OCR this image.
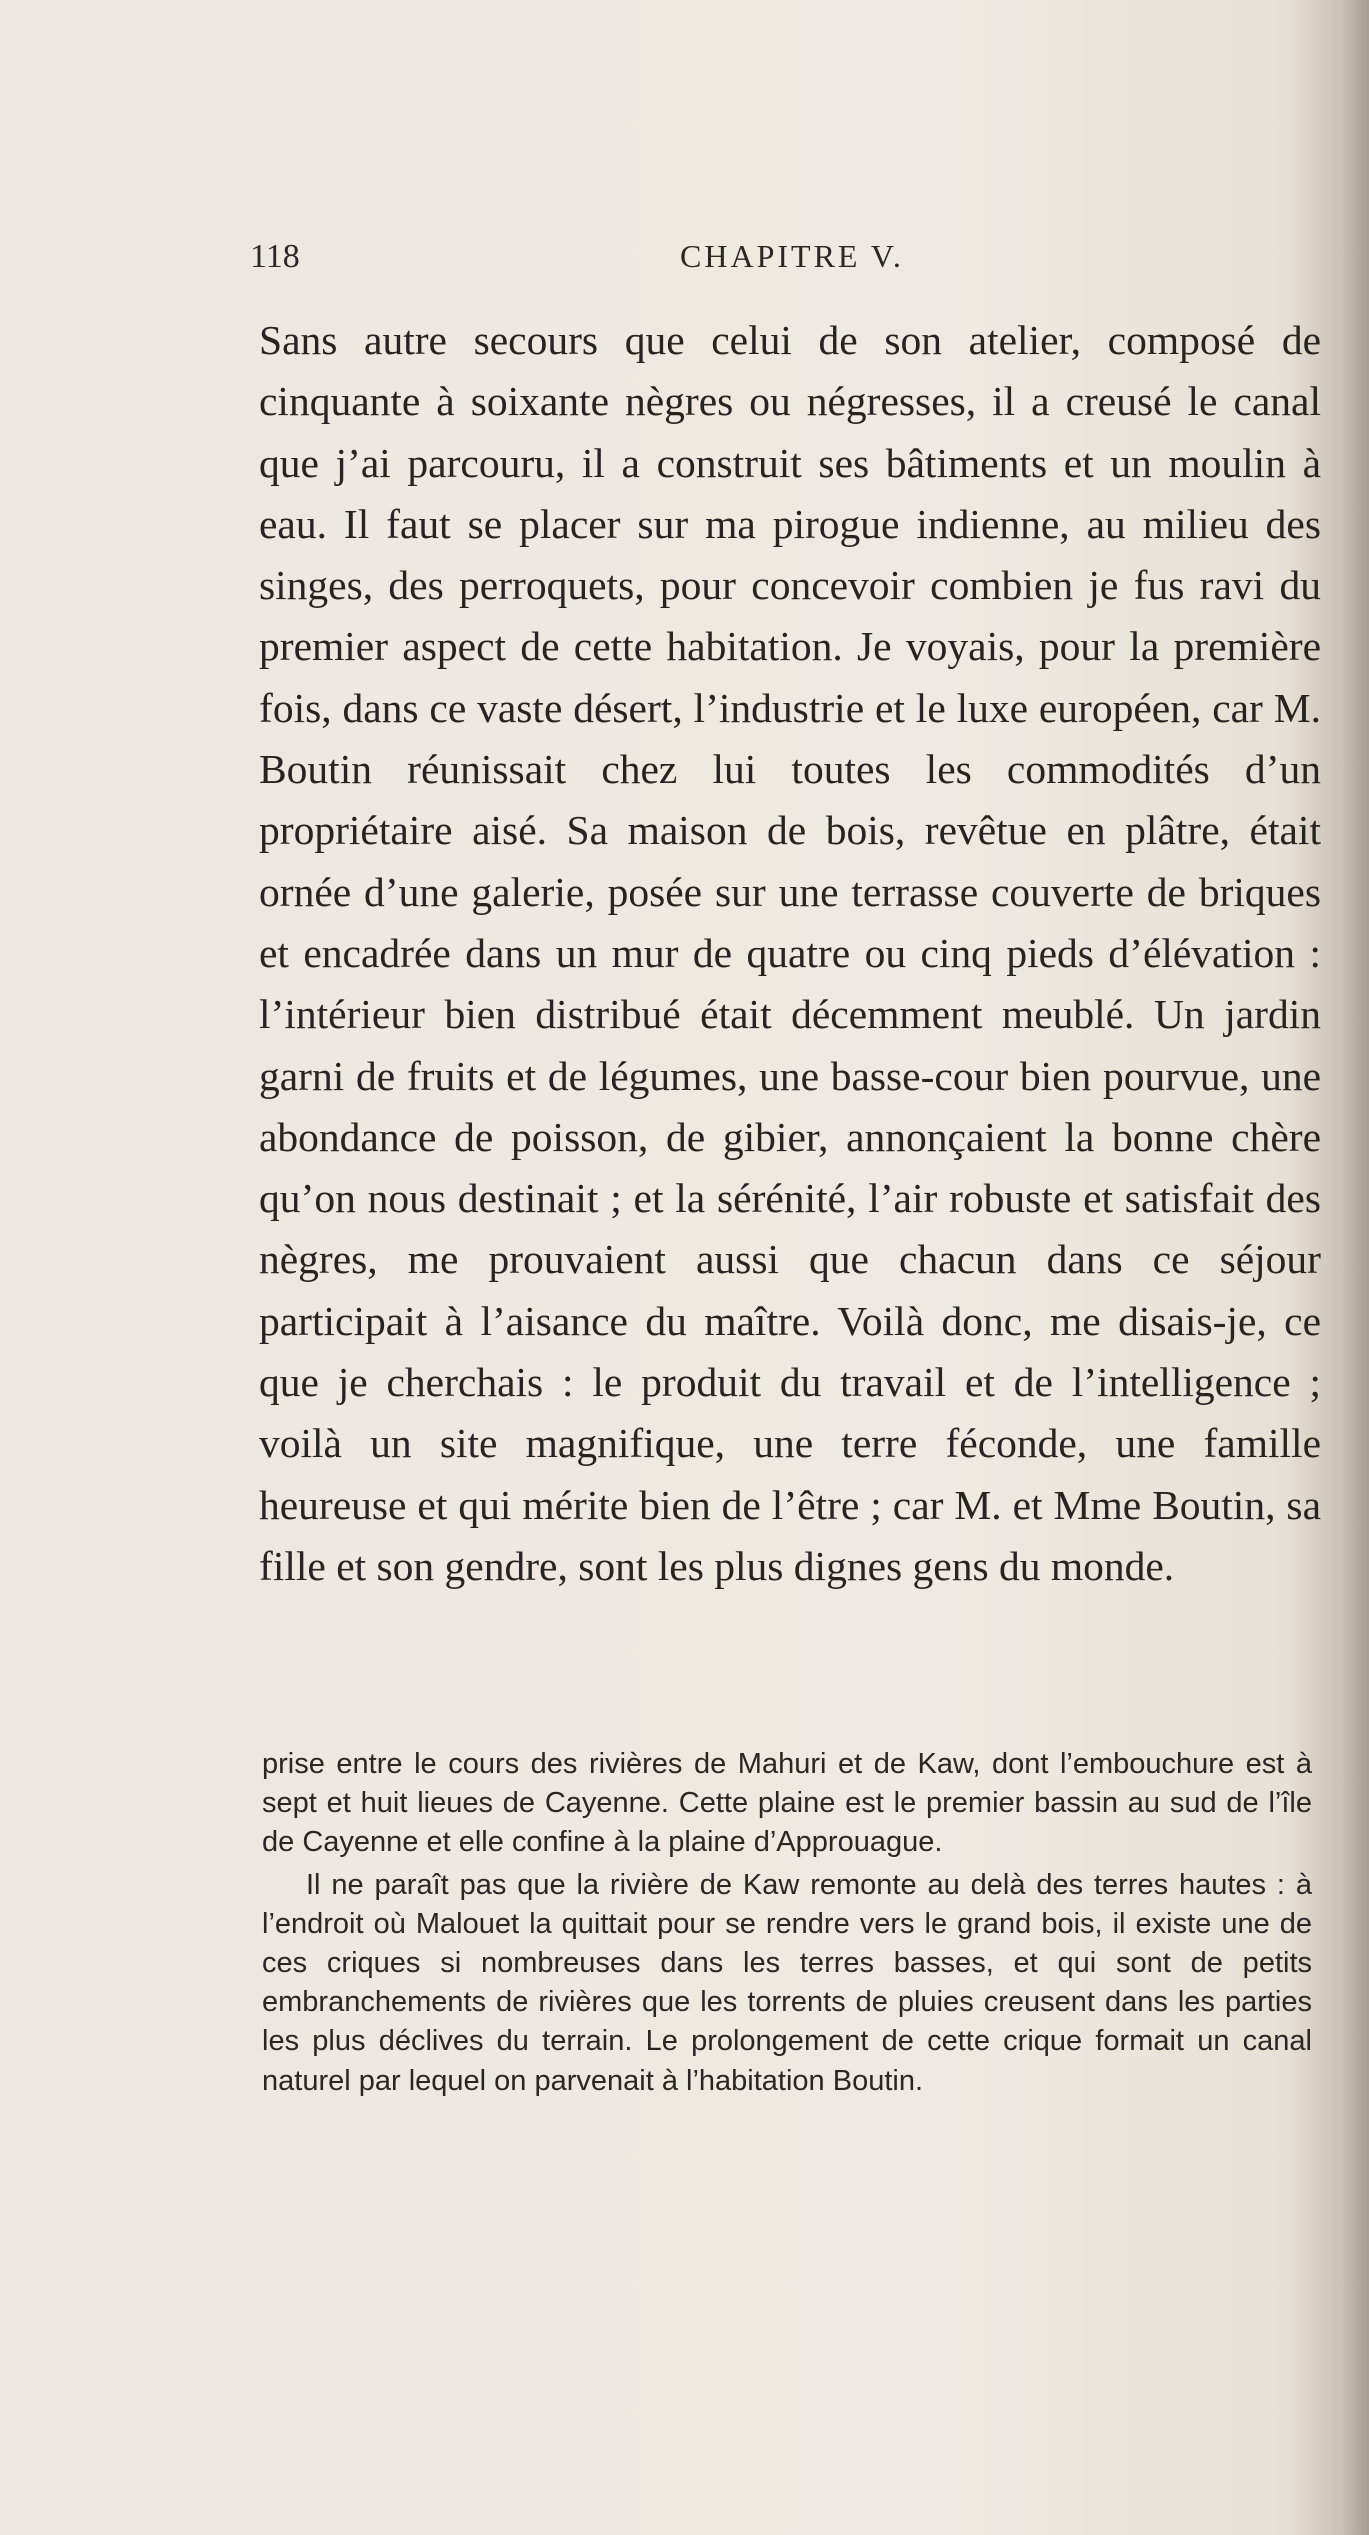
118	CHAPITRE V.

Sans autre secours que celui de son atelier, composé de cinquante à soixante nègres ou négresses, il a creusé le canal que j’ai parcouru, il a construit ses bâtiments et un moulin à eau. Il faut se placer sur ma pirogue indienne, au milieu des singes, des perroquets, pour concevoir combien je fus ravi du premier aspect de cette habitation. Je voyais, pour la première fois, dans ce vaste désert, l’industrie et le luxe européen, car M. Boutin réunissait chez lui toutes les commodités d’un propriétaire aisé. Sa maison de bois, revêtue en plâtre, était ornée d’une galerie, posée sur une terrasse couverte de briques et encadrée dans un mur de quatre ou cinq pieds d’élévation : l’intérieur bien distribué était décemment meublé. Un jardin garni de fruits et de légumes, une basse-cour bien pourvue, une abondance de poisson, de gibier, annonçaient la bonne chère qu’on nous destinait ; et la sérénité, l’air robuste et satisfait des nègres, me prouvaient aussi que chacun dans ce séjour participait à l’aisance du maître. Voilà donc, me disais-je, ce que je cherchais : le produit du travail et de l’intelligence ; voilà un site magnifique, une terre féconde, une famille heureuse et qui mérite bien de l’être ; car M. et Mme Boutin, sa fille et son gendre, sont les plus dignes gens du monde.

prise entre le cours des rivières de Mahuri et de Kaw, dont l’embouchure est à sept et huit lieues de Cayenne. Cette plaine est le premier bassin au sud de l’île de Cayenne et elle confine à la plaine d’Approuague.

Il ne paraît pas que la rivière de Kaw remonte au delà des terres hautes : à l’endroit où Malouet la quittait pour se rendre vers le grand bois, il existe une de ces criques si nombreuses dans les terres basses, et qui sont de petits embranchements de rivières que les torrents de pluies creusent dans les parties les plus déclives du terrain. Le prolongement de cette crique formait un canal naturel par lequel on parvenait à l’habitation Boutin.
